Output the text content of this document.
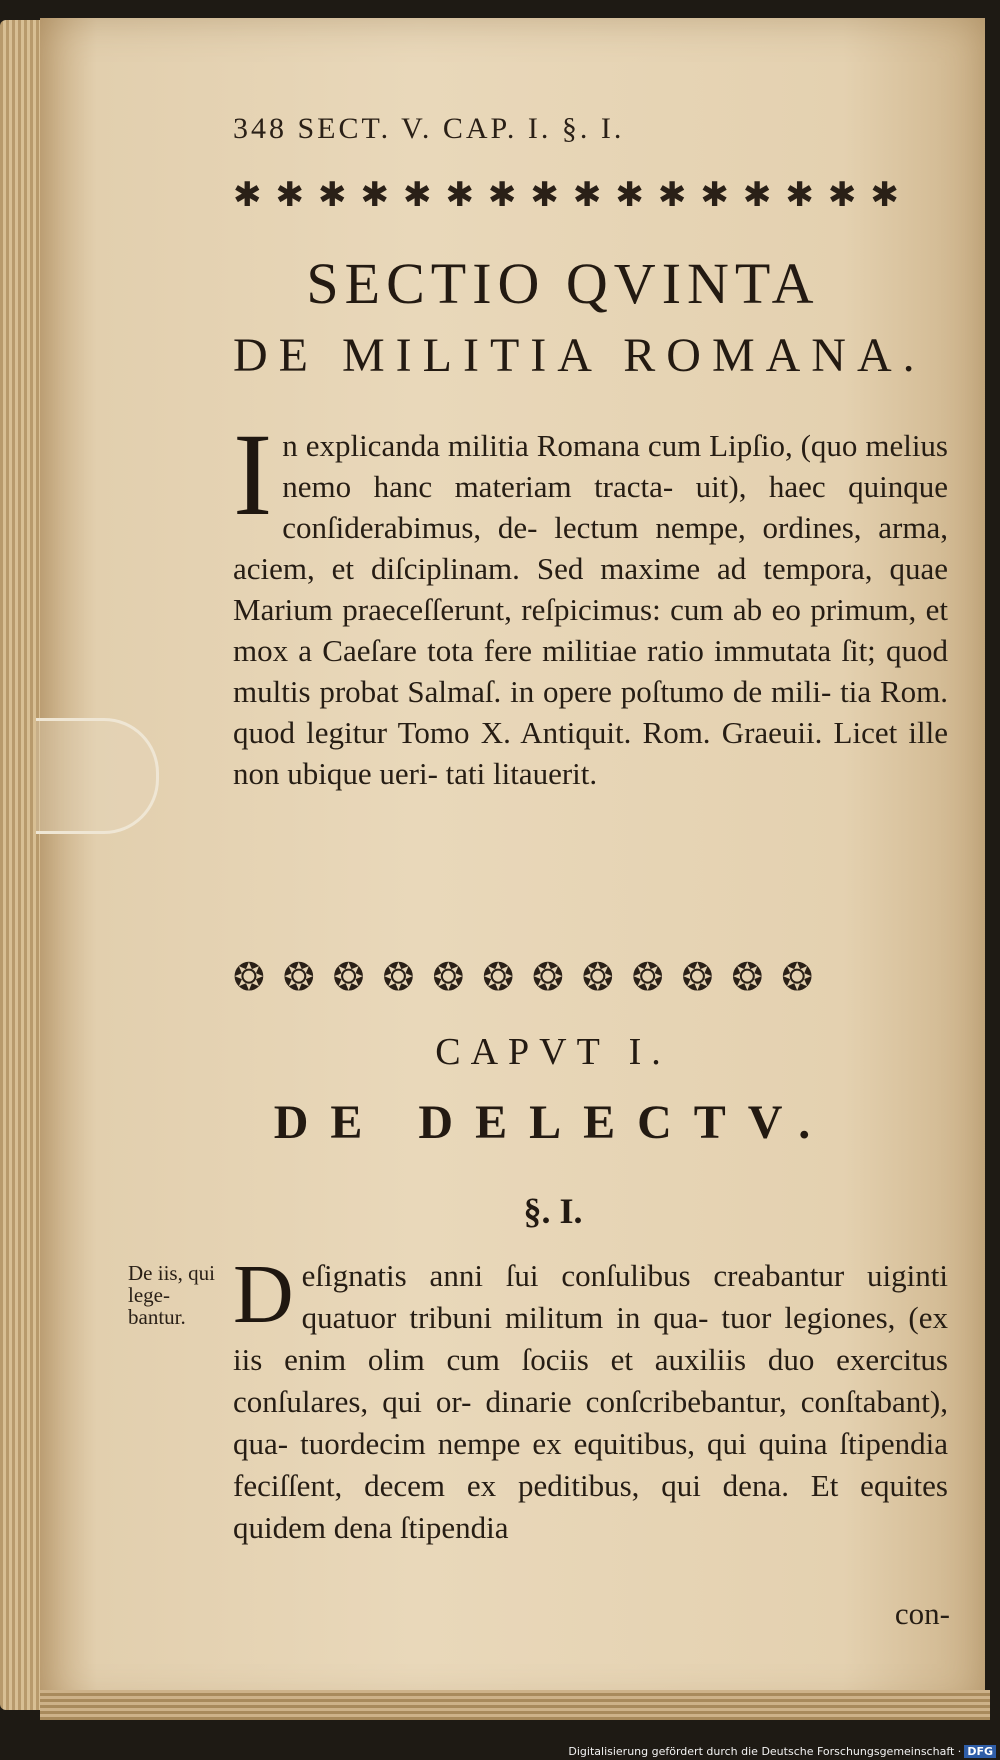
348 SECT. V. CAP. I. §. I.
✱✱✱✱✱✱✱✱✱✱✱✱✱✱✱✱
SECTIO QVINTA
DE MILITIA ROMANA.
I n explicanda militia Romana cum Lipſio, (quo melius nemo hanc materiam tracta- uit), haec quinque conſiderabimus, de- lectum nempe, ordines, arma, aciem, et diſciplinam. Sed maxime ad tempora, quae Marium praeceſſerunt, reſpicimus: cum ab eo primum, et mox a Caeſare tota fere militiae ratio immutata ſit; quod multis probat Salmaſ. in opere poſtumo de mili- tia Rom. quod legitur Tomo X. Antiquit. Rom. Graeuii. Licet ille non ubique ueri- tati litauerit.

❂❂❂❂❂❂❂❂❂❂❂❂
CAPVT I.
DE DELECTV.
§. I.
De iis, qui lege- bantur. D eſignatis anni ſui conſulibus creabantur uiginti quatuor tribuni militum in qua- tuor legiones, (ex iis enim olim cum ſociis et auxiliis duo exercitus conſulares, qui or- dinarie conſcribebantur, conſtabant), qua- tuordecim nempe ex equitibus, qui quina ſtipendia feciſſent, decem ex peditibus, qui dena. Et equites quidem dena ſtipendia

con-
Digitalisierung gefördert durch die Deutsche Forschungsgemeinschaft · DFG
